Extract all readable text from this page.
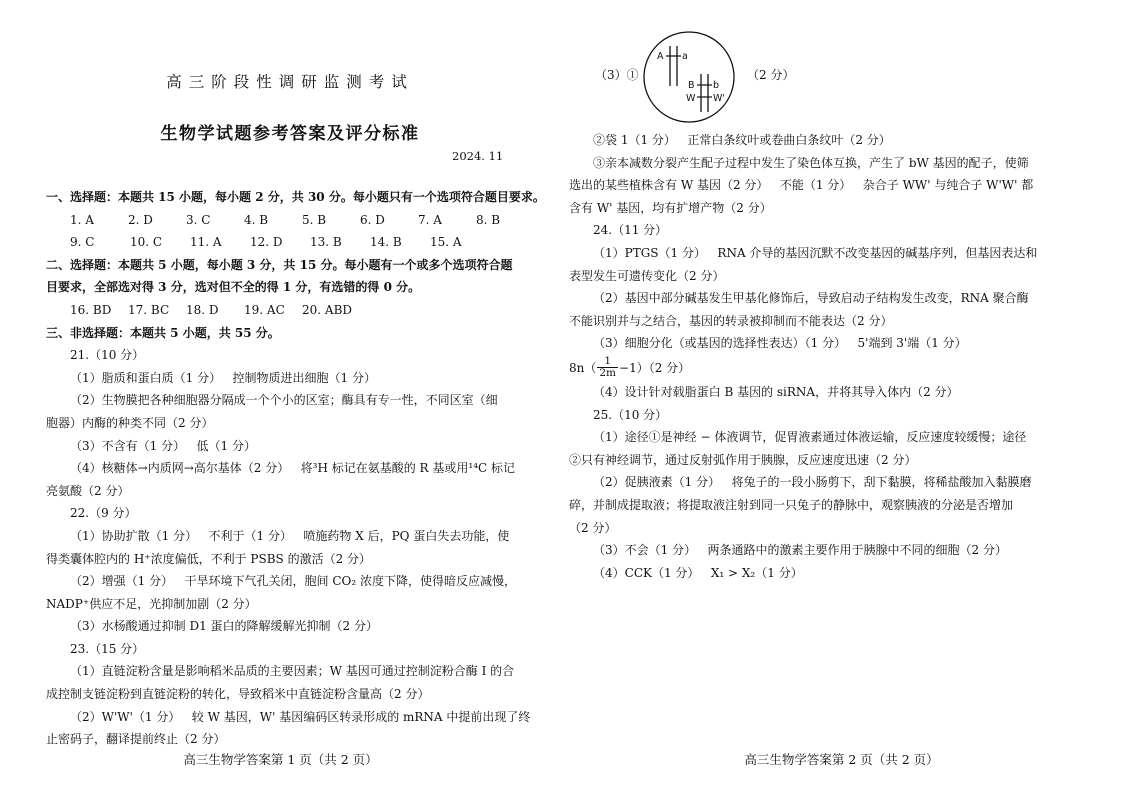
高三阶段性调研监测考试
生物学试题参考答案及评分标准
2024. 11
一、选择题：本题共 15 小题，每小题 2 分，共 30 分。每小题只有一个选项符合题目要求。
1. A	2. D	3. C	4. B	5. B	6. D	7. A	8. B
9. C	10. C	11. A	12. D	13. B	14. B	15. A
二、选择题：本题共 5 小题，每小题 3 分，共 15 分。每小题有一个或多个选项符合题
目要求，全部选对得 3 分，选对但不全的得 1 分，有选错的得 0 分。
16. BD	17. BC	18. D	19. AC	20. ABD
三、非选择题：本题共 5 小题，共 55 分。
21.（10 分）
（1）脂质和蛋白质（1 分）   控制物质进出细胞（1 分）
（2）生物膜把各种细胞器分隔成一个个小的区室；酶具有专一性，不同区室（细
胞器）内酶的种类不同（2 分）
（3）不含有（1 分）   低（1 分）
（4）核糖体→内质网→高尔基体（2 分）   将³H 标记在氨基酸的 R 基或用¹⁴C 标记
亮氨酸（2 分）
22.（9 分）
（1）协助扩散（1 分）   不利于（1 分）   喷施药物 X 后，PQ 蛋白失去功能，使
得类囊体腔内的 H⁺浓度偏低，不利于 PSBS 的激活（2 分）
（2）增强（1 分）   干旱环境下气孔关闭，胞间 CO₂ 浓度下降，使得暗反应减慢，
NADP⁺供应不足，光抑制加剧（2 分）
（3）水杨酸通过抑制 D1 蛋白的降解缓解光抑制（2 分）
23.（15 分）
（1）直链淀粉含量是影响稻米品质的主要因素；W 基因可通过控制淀粉合酶 I 的合
成控制支链淀粉到直链淀粉的转化，导致稻米中直链淀粉含量高（2 分）
（2）W'W'（1 分）   较 W 基因，W' 基因编码区转录形成的 mRNA 中提前出现了终
止密码子，翻译提前终止（2 分）
高三生物学答案第 1 页（共 2 页）
（3）①
A a
B b
W W'
（2 分）
②袋 1（1 分）   正常白条纹叶或卷曲白条纹叶（2 分）
③亲本减数分裂产生配子过程中发生了染色体互换，产生了 bW 基因的配子，使筛
选出的某些植株含有 W 基因（2 分）   不能（1 分）   杂合子 WW' 与纯合子 W'W' 都
含有 W' 基因，均有扩增产物（2 分）
24.（11 分）
（1）PTGS（1 分）   RNA 介导的基因沉默不改变基因的碱基序列，但基因表达和
表型发生可遗传变化（2 分）
（2）基因中部分碱基发生甲基化修饰后，导致启动子结构发生改变，RNA 聚合酶
不能识别并与之结合，基因的转录被抑制而不能表达（2 分）
（3）细胞分化（或基因的选择性表达）（1 分）   5'端到 3'端（1 分）
$8n( \frac{1}{2m} -1)(2$ 分）
（4）设计针对载脂蛋白 B 基因的 siRNA，并将其导入体内（2 分）
25.（10 分）
（1）途径①是神经 − 体液调节，促胃液素通过体液运输，反应速度较缓慢；途径
②只有神经调节，通过反射弧作用于胰腺，反应速度迅速（2 分）
（2）促胰液素（1 分）   将兔子的一段小肠剪下，刮下黏膜，将稀盐酸加入黏膜磨
碎，并制成提取液；将提取液注射到同一只兔子的静脉中，观察胰液的分泌是否增加
（2 分）
（3）不会（1 分）   两条通路中的激素主要作用于胰腺中不同的细胞（2 分）
（4）CCK（1 分）   X₁ > X₂（1 分）
高三生物学答案第 2 页（共 2 页）
